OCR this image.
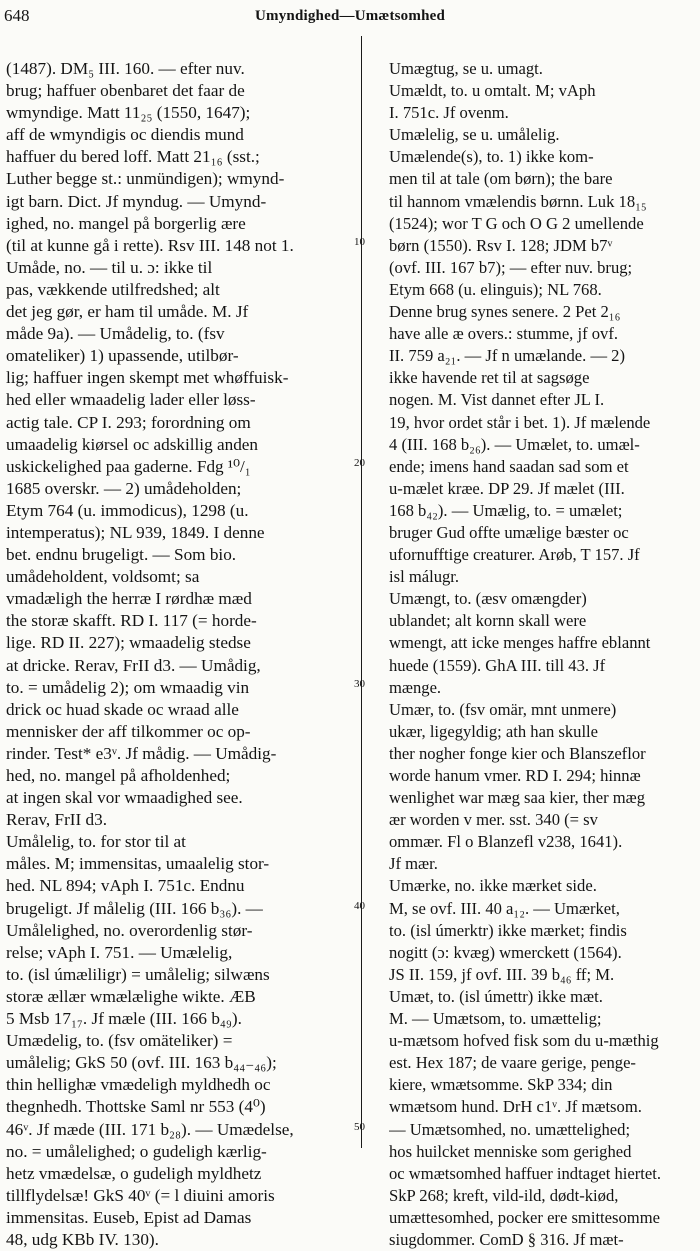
648	Umyndighed—Umætsomhed
(1487). DM₅ III. 160. — efter nuv.
brug; haffuer obenbaret det faar de
wmyndige. Matt 11₂₅ (1550, 1647);
aff de wmyndigis oc diendis mund
haffuer du bered loff. Matt 21₁₆ (sst.;
Luther begge st.: unmündigen); wmynd-
igt barn. Dict. Jf myndug. — Umynd-
ighed, no. mangel på borgerlig ære
(til at kunne gå i rette). Rsv III. 148 not 1.
Umåde, no. — til u. ɔ: ikke til
pas, vækkende utilfredshed; alt
det jeg gør, er ham til umåde. M. Jf
måde 9a). — Umådelig, to. (fsv
omateliker) 1) upassende, utilbør-
lig; haffuer ingen skempt met whøffuisk-
hed eller wmaadelig lader eller løss-
actig tale. CP I. 293; forordning om
umaadelig kiørsel oc adskillig anden
uskickelighed paa gaderne. Fdg ¹⁰/₁
1685 overskr. — 2) umådeholden;
Etym 764 (u. immodicus), 1298 (u.
intemperatus); NL 939, 1849. I denne
bet. endnu brugeligt. — Som bio.
umådeholdent, voldsomt; sa
vmadæligh the herræ I rørdhæ mæd
the storæ skafft. RD I. 117 (= horde-
lige. RD II. 227); wmaadelig stedse
at dricke. Rerav, FrII d3. — Umådig,
to. = umådelig 2); om wmaadig vin
drick oc huad skade oc wraad alle
mennisker der aff tilkommer oc op-
rinder. Test* e3ᵛ. Jf mådig. — Umådig-
hed, no. mangel på afholdenhed;
at ingen skal vor wmaadighed see.
Rerav, FrII d3.
Umålelig, to. for stor til at
måles. M; immensitas, umaalelig stor-
hed. NL 894; vAph I. 751c. Endnu
brugeligt. Jf målelig (III. 166 b₃₆). —
Umålelighed, no. overordenlig stør-
relse; vAph I. 751. — Umælelig,
to. (isl úmæliligr) = umålelig; silwæns
storæ ællær wmælælighe wikte. ÆB
5 Msb 17₁₇. Jf mæle (III. 166 b₄₉).
Umædelig, to. (fsv omäteliker) =
umålelig; GkS 50 (ovf. III. 163 b₄₄₋₄₆);
thin hellighæ vmædeligh myldhedh oc
thegnhedh. Thottske Saml nr 553 (4⁰)
46ᵛ. Jf mæde (III. 171 b₂₈). — Umædelse,
no. = umålelighed; o gudeligh kærlig-
hetz vmædelsæ, o gudeligh myldhetz
tillflydelsæ! GkS 40ᵛ (= l diuini amoris
immensitas. Euseb, Epist ad Damas
48, udg KBb IV. 130).
Umægtug, se u. umagt.
Umældt, to. u omtalt. M; vAph
I. 751c. Jf ovenm.
Umælelig, se u. umålelig.
Umælende(s), to. 1) ikke kom-
men til at tale (om børn); the bare
til hannom vmælendis børnn. Luk 18₁₅
(1524); wor T G och O G 2 umellende
børn (1550). Rsv I. 128; JDM b7ᵛ
(ovf. III. 167 b7); — efter nuv. brug;
Etym 668 (u. elinguis); NL 768.
Denne brug synes senere. 2 Pet 2₁₆
have alle æ overs.: stumme, jf ovf.
II. 759 a₂₁. — Jf n umælande. — 2)
ikke havende ret til at sagsøge
nogen. M. Vist dannet efter JL I.
19, hvor ordet står i bet. 1). Jf mælende
4 (III. 168 b₂₆). — Umælet, to. umæl-
ende; imens hand saadan sad som et
u-mælet kræe. DP 29. Jf mælet (III.
168 b₄₂). — Umælig, to. = umælet;
bruger Gud offte umælige bæster oc
ufornufftige creaturer. Arøb, T 157. Jf
isl málugr.
Umængt, to. (æsv omængder)
ublandet; alt kornn skall were
wmengt, att icke menges haffre eblannt
huede (1559). GhA III. till 43. Jf
mænge.
Umær, to. (fsv omär, mnt unmere)
ukær, ligegyldig; ath han skulle
ther nogher fonge kier och Blanszeflor
worde hanum vmer. RD I. 294; hinnæ
wenlighet war mæg saa kier, ther mæg
ær worden v mer. sst. 340 (= sv
ommær. Fl o Blanzefl v238, 1641).
Jf mær.
Umærke, no. ikke mærket side.
M, se ovf. III. 40 a₁₂. — Umærket,
to. (isl úmerktr) ikke mærket; findis
nogitt (ɔ: kvæg) wmerckett (1564).
JS II. 159, jf ovf. III. 39 b₄₆ ff; M.
Umæt, to. (isl úmettr) ikke mæt.
M. — Umætsom, to. umættelig;
u-mætsom hofved fisk som du u-mæthig
est. Hex 187; de vaare gerige, penge-
kiere, wmætsomme. SkP 334; din
wmætsom hund. DrH c1ᵛ. Jf mætsom.
— Umætsomhed, no. umættelighed;
hos huilcket menniske som gerighed
oc wmætsomhed haffuer indtaget hiertet.
SkP 268; kreft, vild-ild, dødt-kiød,
umættesomhed, pocker ere smittesomme
siugdommer. ComD § 316. Jf mæt-
10
20
30
40
50
